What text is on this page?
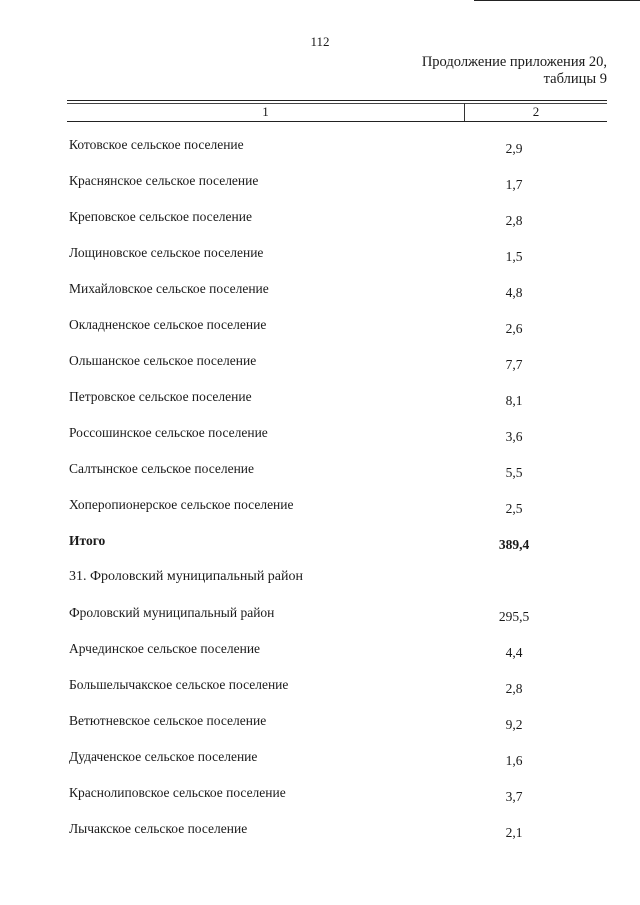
112
Продолжение приложения 20,
таблицы 9
1	2
Котовское сельское поселение	2,9
Краснянское сельское поселение	1,7
Креповское сельское поселение	2,8
Лощиновское сельское поселение	1,5
Михайловское сельское поселение	4,8
Окладненское сельское поселение	2,6
Ольшанское сельское поселение	7,7
Петровское сельское поселение	8,1
Россошинское сельское поселение	3,6
Салтынское сельское поселение	5,5
Хоперопионерское сельское поселение	2,5
Итого	389,4
31. Фроловский муниципальный район
Фроловский муниципальный район	295,5
Арчединское сельское поселение	4,4
Большелычакское сельское поселение	2,8
Ветютневское сельское поселение	9,2
Дудаченское сельское поселение	1,6
Краснолиповское сельское поселение	3,7
Лычакское сельское поселение	2,1
